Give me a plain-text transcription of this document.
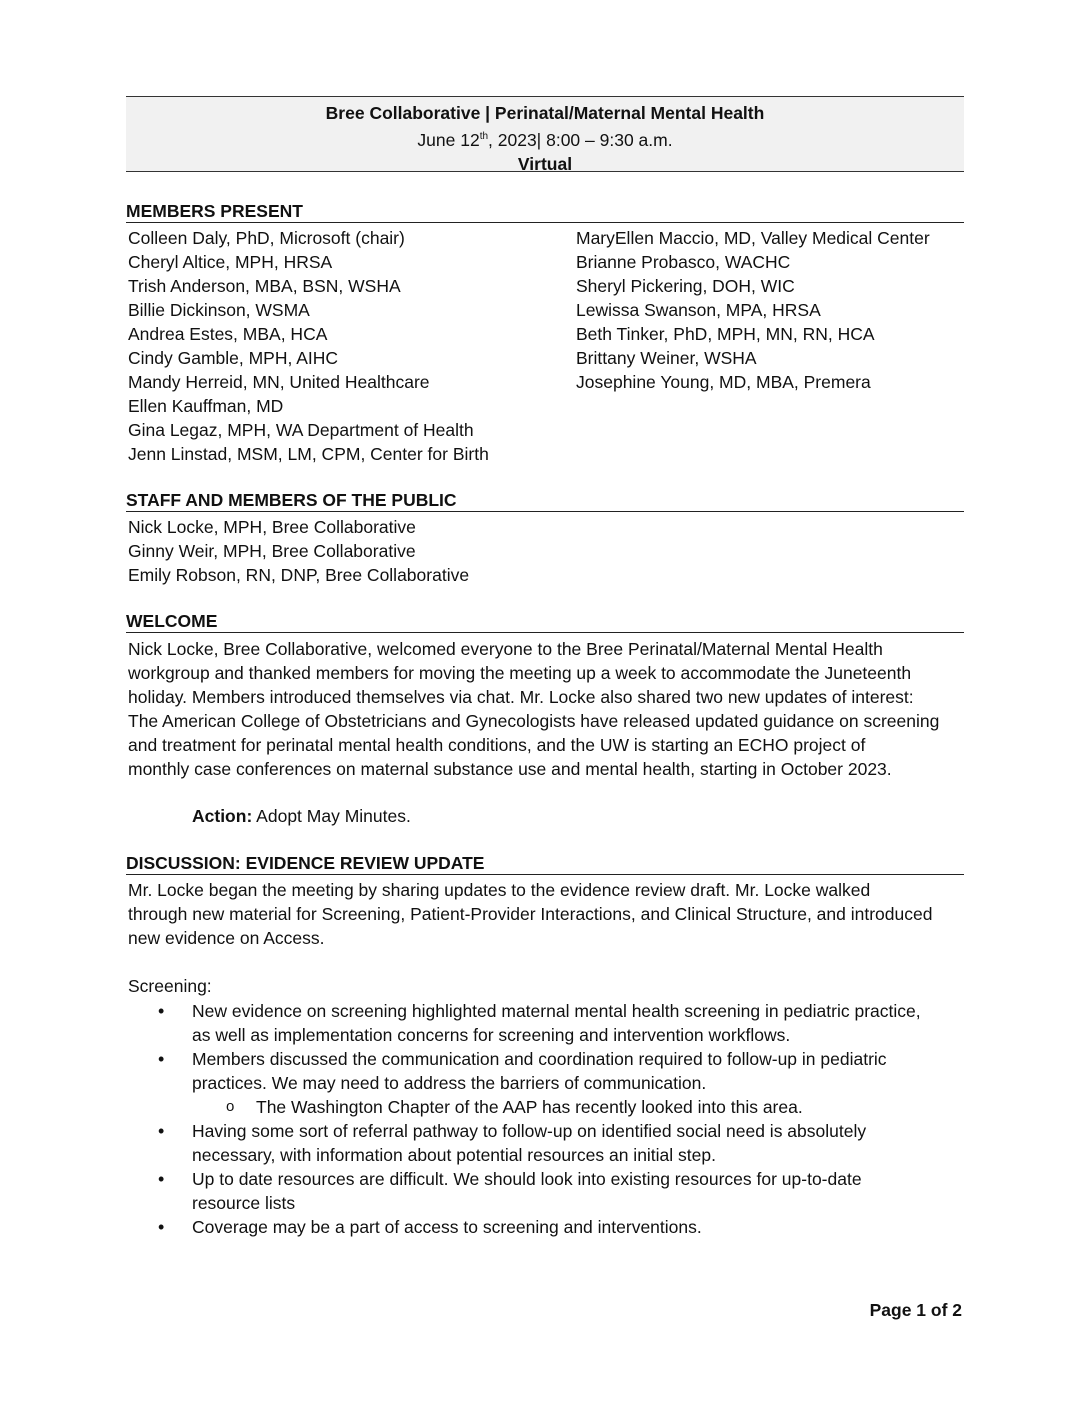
Bree Collaborative | Perinatal/Maternal Mental Health
June 12th, 2023| 8:00 – 9:30 a.m.
Virtual
MEMBERS PRESENT
Colleen Daly, PhD, Microsoft (chair)
Cheryl Altice, MPH, HRSA
Trish Anderson, MBA, BSN, WSHA
Billie Dickinson, WSMA
Andrea Estes, MBA, HCA
Cindy Gamble, MPH, AIHC
Mandy Herreid, MN, United Healthcare
Ellen Kauffman, MD
Gina Legaz, MPH, WA Department of Health
Jenn Linstad, MSM, LM, CPM, Center for Birth
MaryEllen Maccio, MD, Valley Medical Center
Brianne Probasco, WACHC
Sheryl Pickering, DOH, WIC
Lewissa Swanson, MPA, HRSA
Beth Tinker, PhD, MPH, MN, RN, HCA
Brittany Weiner, WSHA
Josephine Young, MD, MBA, Premera
STAFF AND MEMBERS OF THE PUBLIC
Nick Locke, MPH, Bree Collaborative
Ginny Weir, MPH, Bree Collaborative
Emily Robson, RN, DNP, Bree Collaborative
WELCOME
Nick Locke, Bree Collaborative, welcomed everyone to the Bree Perinatal/Maternal Mental Health
workgroup and thanked members for moving the meeting up a week to accommodate the Juneteenth
holiday. Members introduced themselves via chat. Mr. Locke also shared two new updates of interest:
The American College of Obstetricians and Gynecologists have released updated guidance on screening
and treatment for perinatal mental health conditions, and the UW is starting an ECHO project of
monthly case conferences on maternal substance use and mental health, starting in October 2023.
Action: Adopt May Minutes.
DISCUSSION: EVIDENCE REVIEW UPDATE
Mr. Locke began the meeting by sharing updates to the evidence review draft. Mr. Locke walked
through new material for Screening, Patient-Provider Interactions, and Clinical Structure, and introduced
new evidence on Access.
Screening:
• New evidence on screening highlighted maternal mental health screening in pediatric practice,
as well as implementation concerns for screening and intervention workflows.
• Members discussed the communication and coordination required to follow-up in pediatric
practices. We may need to address the barriers of communication.
o The Washington Chapter of the AAP has recently looked into this area.
• Having some sort of referral pathway to follow-up on identified social need is absolutely
necessary, with information about potential resources an initial step.
• Up to date resources are difficult. We should look into existing resources for up-to-date
resource lists
• Coverage may be a part of access to screening and interventions.
Page 1 of 2
